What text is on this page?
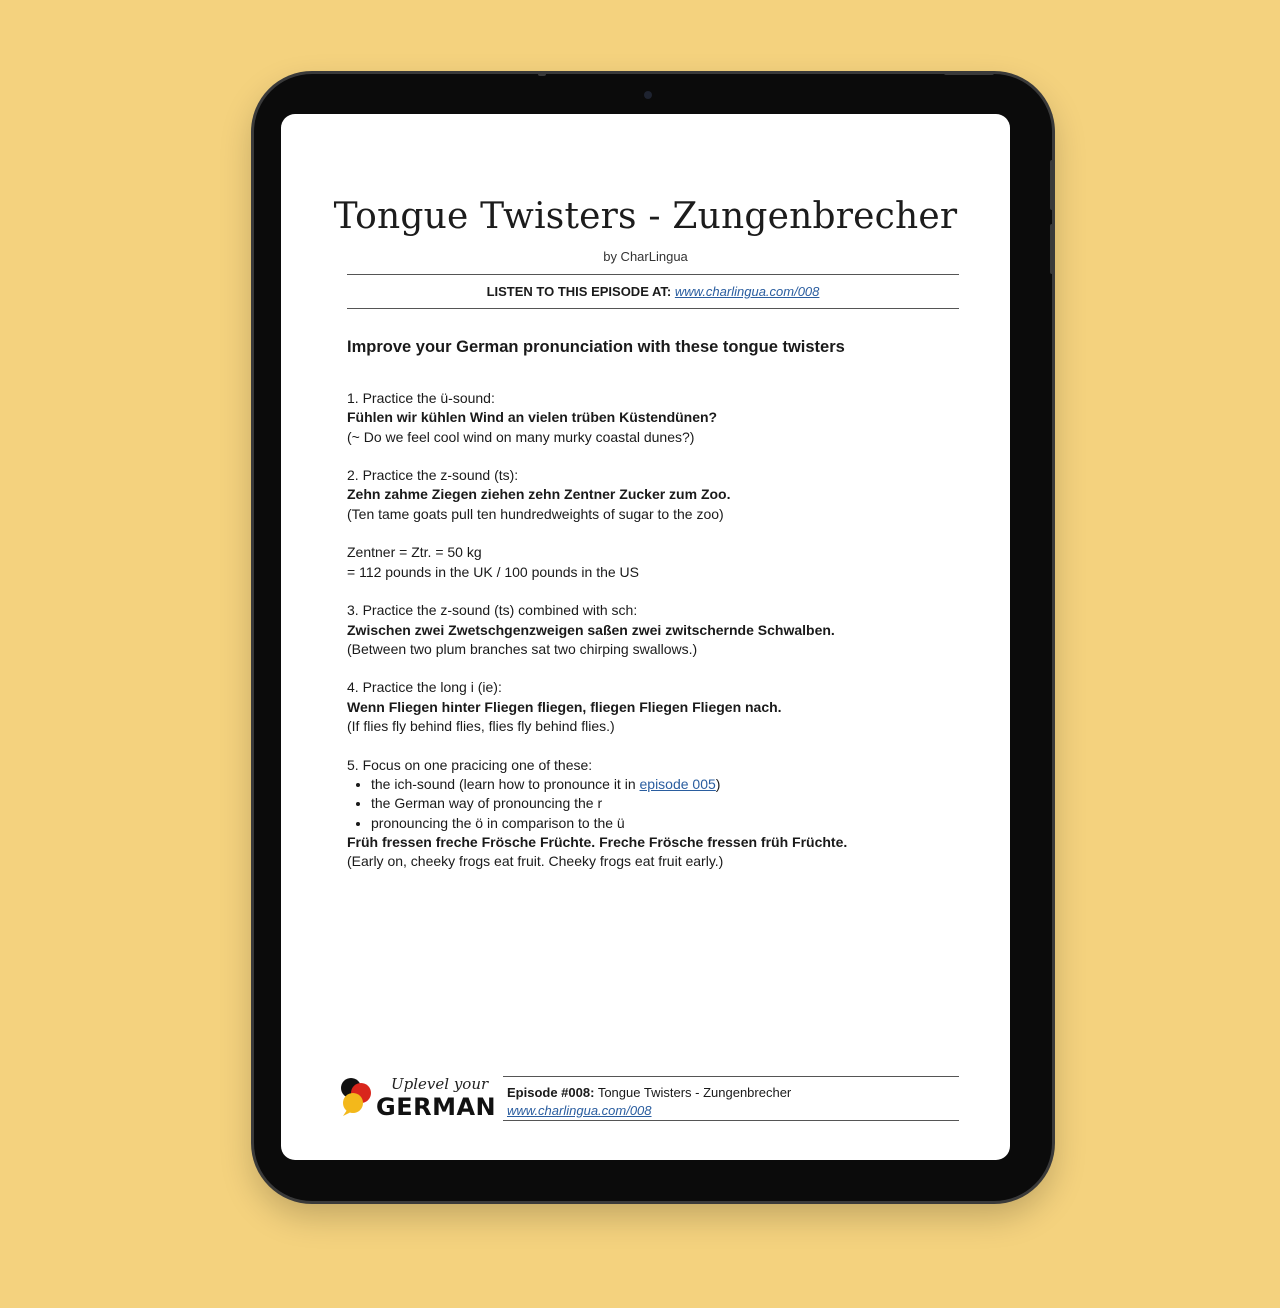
Tongue Twisters - Zungenbrecher
by CharLingua
LISTEN TO THIS EPISODE AT: www.charlingua.com/008
Improve your German pronunciation with these tongue twisters
1. Practice the ü-sound:
Fühlen wir kühlen Wind an vielen trüben Küstendünen?
(~ Do we feel cool wind on many murky coastal dunes?)
2. Practice the z-sound (ts):
Zehn zahme Ziegen ziehen zehn Zentner Zucker zum Zoo.
(Ten tame goats pull ten hundredweights of sugar to the zoo)
Zentner = Ztr. = 50 kg
= 112 pounds in the UK / 100 pounds in the US
3. Practice the z-sound (ts) combined with sch:
Zwischen zwei Zwetschgenzweigen saßen zwei zwitschernde Schwalben.
(Between two plum branches sat two chirping swallows.)
4. Practice the long i (ie):
Wenn Fliegen hinter Fliegen fliegen, fliegen Fliegen Fliegen nach.
(If flies fly behind flies, flies fly behind flies.)
5. Focus on one pracicing one of these:
• the ich-sound (learn how to pronounce it in episode 005)
• the German way of pronouncing the r
• pronouncing the ö in comparison to the ü
Früh fressen freche Frösche Früchte. Freche Frösche fressen früh Früchte.
(Early on, cheeky frogs eat fruit. Cheeky frogs eat fruit early.)
Uplevel your
GERMAN
Episode #008: Tongue Twisters - Zungenbrecher
www.charlingua.com/008
